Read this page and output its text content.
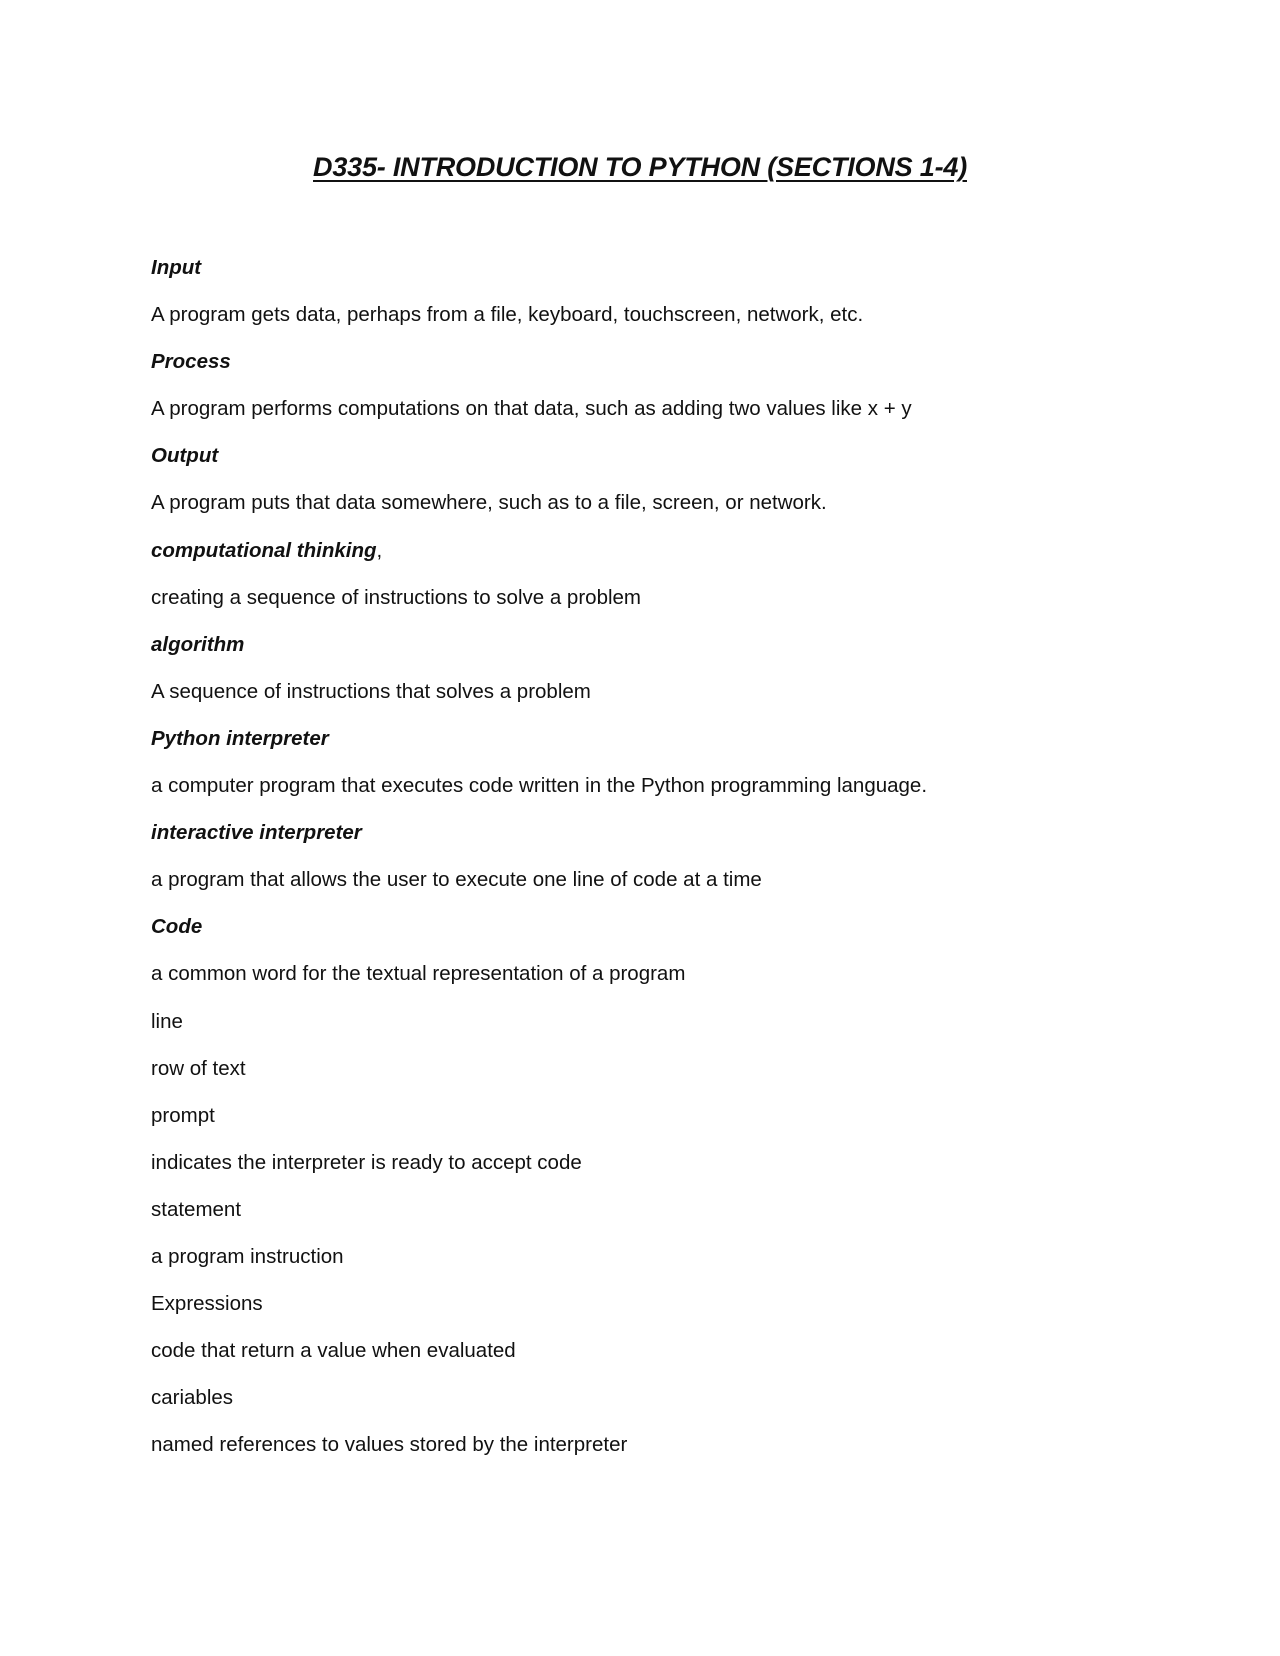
D335- INTRODUCTION TO PYTHON (SECTIONS 1-4)

Input

A program gets data, perhaps from a file, keyboard, touchscreen, network, etc.

Process

A program performs computations on that data, such as adding two values like x + y

Output

A program puts that data somewhere, such as to a file, screen, or network.

computational thinking,

creating a sequence of instructions to solve a problem

algorithm

A sequence of instructions that solves a problem

Python interpreter

a computer program that executes code written in the Python programming language.

interactive interpreter

a program that allows the user to execute one line of code at a time

Code

a common word for the textual representation of a program

line

row of text

prompt

indicates the interpreter is ready to accept code

statement

a program instruction

Expressions

code that return a value when evaluated

cariables

named references to values stored by the interpreter
